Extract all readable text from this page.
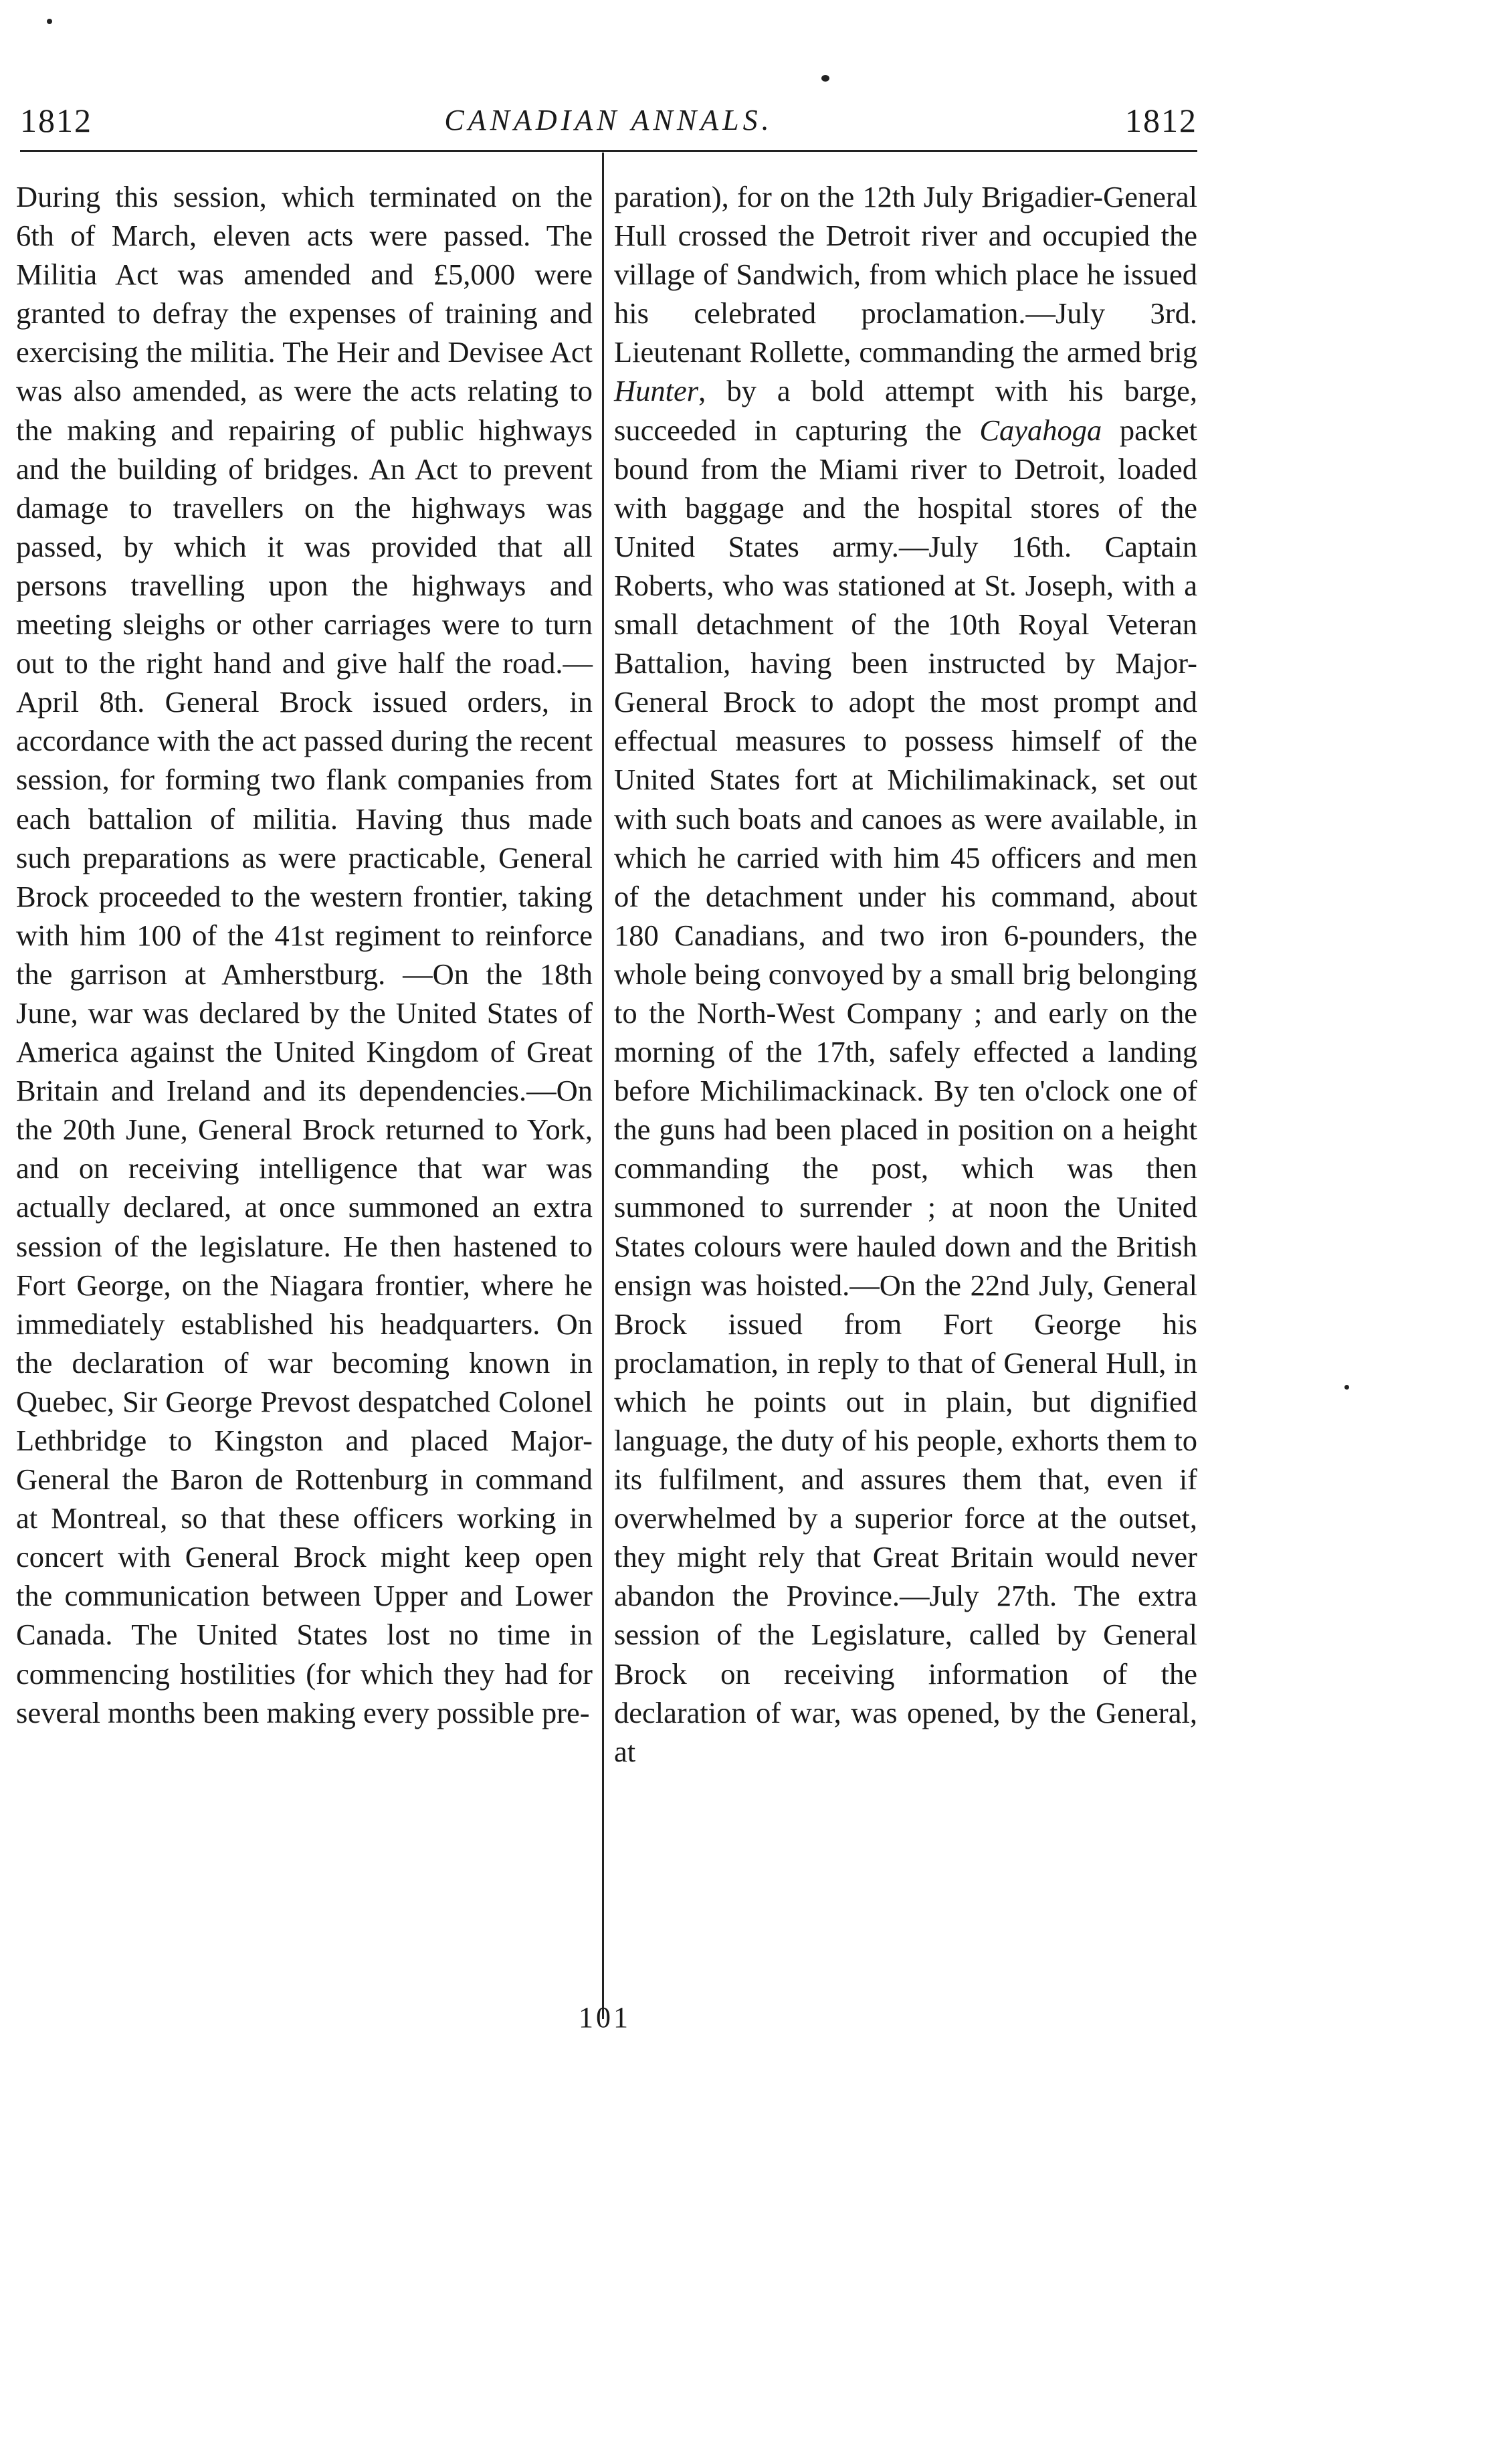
1812	CANADIAN ANNALS.	1812

During this session, which terminated on the 6th of March, eleven acts were passed. The Militia Act was amended and £5,000 were granted to defray the expenses of training and exercising the militia. The Heir and Devisee Act was also amended, as were the acts relating to the making and repairing of public highways and the building of bridges. An Act to prevent damage to travellers on the highways was passed, by which it was provided that all persons travelling upon the highways and meeting sleighs or other carriages were to turn out to the right hand and give half the road.—April 8th. General Brock issued orders, in accordance with the act passed during the recent session, for forming two flank companies from each battalion of militia. Having thus made such preparations as were practicable, General Brock proceeded to the western frontier, taking with him 100 of the 41st regiment to reinforce the garrison at Amherstburg. —On the 18th June, war was declared by the United States of America against the United Kingdom of Great Britain and Ireland and its dependencies.—On the 20th June, General Brock returned to York, and on receiving intelligence that war was actually declared, at once summoned an extra session of the legislature. He then hastened to Fort George, on the Niagara frontier, where he immediately established his headquarters. On the declaration of war becoming known in Quebec, Sir George Prevost despatched Colonel Lethbridge to Kingston and placed Major-General the Baron de Rottenburg in command at Montreal, so that these officers working in concert with General Brock might keep open the communication between Upper and Lower Canada. The United States lost no time in commencing hostilities (for which they had for several months been making every possible pre-

paration), for on the 12th July Brigadier-General Hull crossed the Detroit river and occupied the village of Sandwich, from which place he issued his celebrated proclamation.—July 3rd. Lieutenant Rollette, commanding the armed brig Hunter, by a bold attempt with his barge, succeeded in capturing the Cayahoga packet bound from the Miami river to Detroit, loaded with baggage and the hospital stores of the United States army.—July 16th. Captain Roberts, who was stationed at St. Joseph, with a small detachment of the 10th Royal Veteran Battalion, having been instructed by Major-General Brock to adopt the most prompt and effectual measures to possess himself of the United States fort at Michilimakinack, set out with such boats and canoes as were available, in which he carried with him 45 officers and men of the detachment under his command, about 180 Canadians, and two iron 6-pounders, the whole being convoyed by a small brig belonging to the North-West Company ; and early on the morning of the 17th, safely effected a landing before Michilimackinack. By ten o'clock one of the guns had been placed in position on a height commanding the post, which was then summoned to surrender ; at noon the United States colours were hauled down and the British ensign was hoisted.—On the 22nd July, General Brock issued from Fort George his proclamation, in reply to that of General Hull, in which he points out in plain, but dignified language, the duty of his people, exhorts them to its fulfilment, and assures them that, even if overwhelmed by a superior force at the outset, they might rely that Great Britain would never abandon the Province.—July 27th. The extra session of the Legislature, called by General Brock on receiving information of the declaration of war, was opened, by the General, at

101
